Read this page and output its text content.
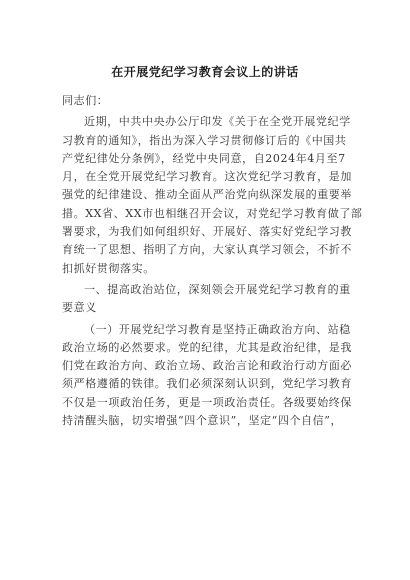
在开展党纪学习教育会议上的讲话
同志们：
近期，中共中央办公厅印发《关于在全党开展党纪学
习教育的通知》，指出为深入学习贯彻修订后的《中国共
产党纪律处分条例》，经党中央同意，自2024年4月至7
月，在全党开展党纪学习教育。这次党纪学习教育，是加
强党的纪律建设、推动全面从严治党向纵深发展的重要举
措。XX省、XX市也相继召开会议，对党纪学习教育做了部
署要求，为我们如何组织好、开展好、落实好党纪学习教
育统一了思想、指明了方向，大家认真学习领会，不折不
扣抓好贯彻落实。
一、提高政治站位，深刻领会开展党纪学习教育的重
要意义
（一）开展党纪学习教育是坚持正确政治方向、站稳
政治立场的必然要求。党的纪律，尤其是政治纪律，是我
们党在政治方向、政治立场、政治言论和政治行动方面必
须严格遵循的铁律。我们必须深刻认识到，党纪学习教育
不仅是一项政治任务，更是一项政治责任。各级要始终保
持清醒头脑，切实增强“四个意识”，坚定“四个自信”，
